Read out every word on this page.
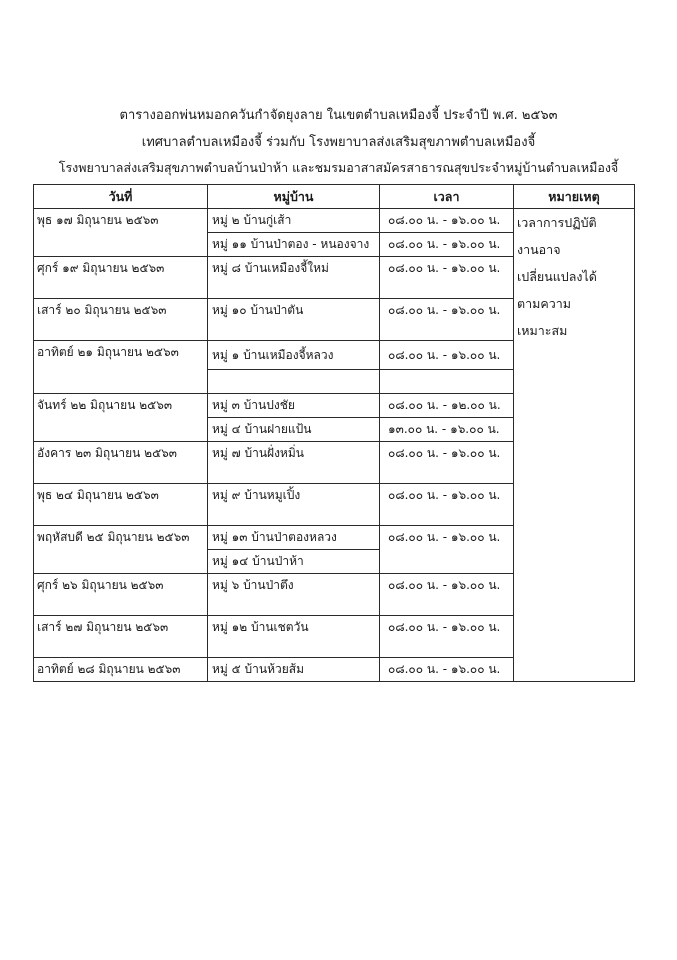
ตารางออกพ่นหมอกควันกำจัดยุงลาย ในเขตตำบลเหมืองจี้ ประจำปี พ.ศ. ๒๕๖๓
เทศบาลตำบลเหมืองจี้ ร่วมกับ โรงพยาบาลส่งเสริมสุขภาพตำบลเหมืองจี้
โรงพยาบาลส่งเสริมสุขภาพตำบลบ้านป่าห้า และชมรมอาสาสมัครสาธารณสุขประจำหมู่บ้านตำบลเหมืองจี้
วันที่	หมู่บ้าน	เวลา	หมายเหตุ
พุธ ๑๗ มิถุนายน ๒๕๖๓	หมู่ ๒ บ้านกู่เส้า	๐๘.๐๐ น. - ๑๖.๐๐ น.	เวลาการปฏิบัติ
งานอาจ
เปลี่ยนแปลงได้
ตามความ
เหมาะสม

	หมู่ ๑๑ บ้านป่าตอง - หนองจาง	๐๘.๐๐ น. - ๑๖.๐๐ น.	
ศุกร์ ๑๙ มิถุนายน ๒๕๖๓	หมู่ ๘ บ้านเหมืองจี้ใหม่	๐๘.๐๐ น. - ๑๖.๐๐ น.	

เสาร์ ๒๐ มิถุนายน ๒๕๖๓	หมู่ ๑๐ บ้านป่าตัน	๐๘.๐๐ น. - ๑๖.๐๐ น.	

อาทิตย์ ๒๑ มิถุนายน ๒๕๖๓	หมู่ ๑ บ้านเหมืองจี้หลวง	๐๘.๐๐ น. - ๑๖.๐๐ น.	

จันทร์ ๒๒ มิถุนายน ๒๕๖๓	หมู่ ๓ บ้านปงชัย	๐๘.๐๐ น. - ๑๒.๐๐ น.	
	หมู่ ๔ บ้านฝายแป้น	๑๓.๐๐ น. - ๑๖.๐๐ น.	
อังคาร ๒๓ มิถุนายน ๒๕๖๓	หมู่ ๗ บ้านฝั่งหมิ่น	๐๘.๐๐ น. - ๑๖.๐๐ น.	

พุธ ๒๔ มิถุนายน ๒๕๖๓	หมู่ ๙ บ้านหมูเปิ้ง	๐๘.๐๐ น. - ๑๖.๐๐ น.	

พฤหัสบดี ๒๕ มิถุนายน ๒๕๖๓	หมู่ ๑๓ บ้านป่าตองหลวง	๐๘.๐๐ น. - ๑๖.๐๐ น.	
	หมู่ ๑๔ บ้านป่าห้า		
ศุกร์ ๒๖ มิถุนายน ๒๕๖๓	หมู่ ๖ บ้านป่าตึง	๐๘.๐๐ น. - ๑๖.๐๐ น.	

เสาร์ ๒๗ มิถุนายน ๒๕๖๓	หมู่ ๑๒ บ้านเชตวัน	๐๘.๐๐ น. - ๑๖.๐๐ น.	

อาทิตย์ ๒๘ มิถุนายน ๒๕๖๓	หมู่ ๕ บ้านห้วยส้ม	๐๘.๐๐ น. - ๑๖.๐๐ น.	
